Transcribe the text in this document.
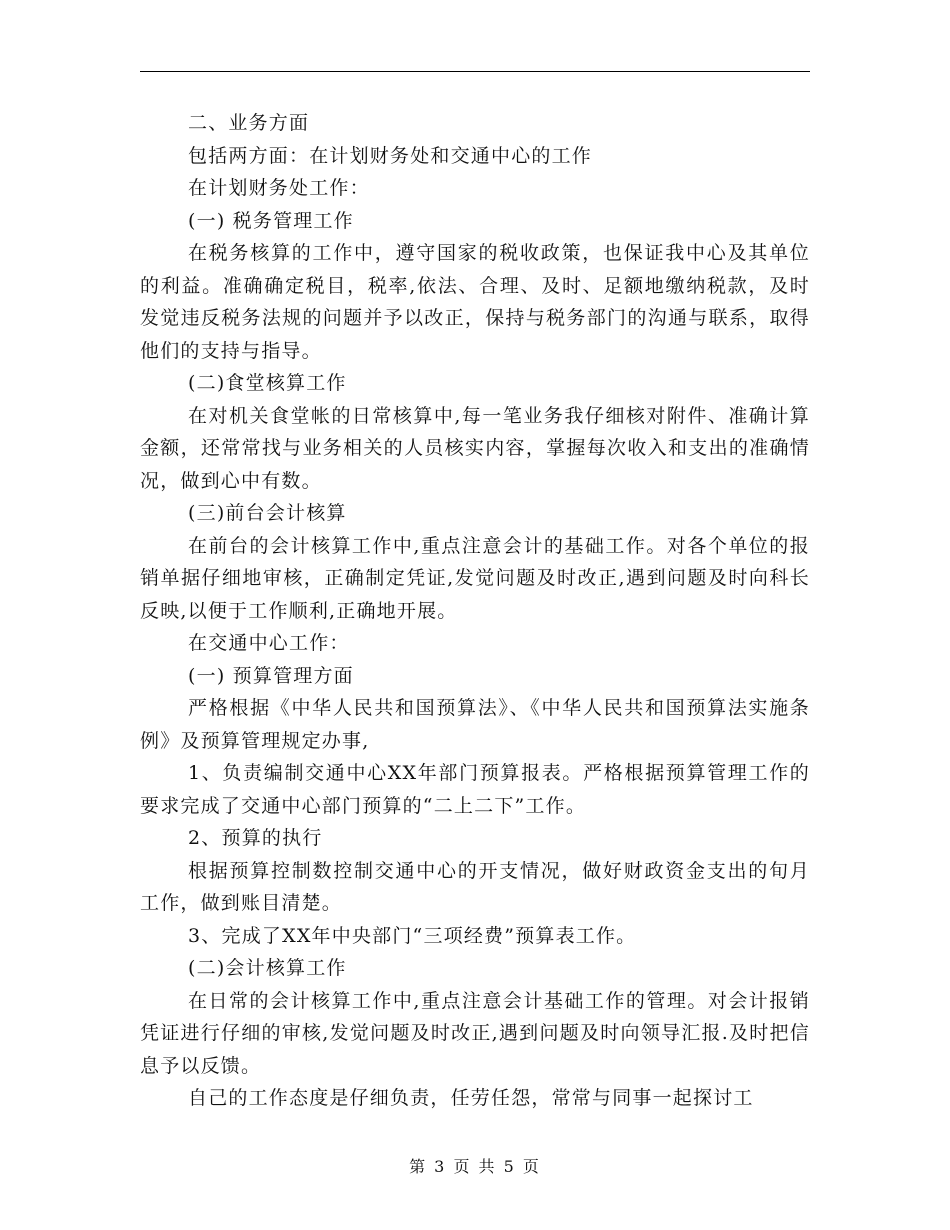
二、业务方面

包括两方面：在计划财务处和交通中心的工作

在计划财务处工作：

(一) 税务管理工作

在税务核算的工作中，遵守国家的税收政策，也保证我中心及其单位的利益。准确确定税目，税率,依法、合理、及时、足额地缴纳税款，及时发觉违反税务法规的问题并予以改正，保持与税务部门的沟通与联系，取得他们的支持与指导。

(二)食堂核算工作

在对机关食堂帐的日常核算中,每一笔业务我仔细核对附件、准确计算金额，还常常找与业务相关的人员核实内容，掌握每次收入和支出的准确情况，做到心中有数。

(三)前台会计核算

在前台的会计核算工作中,重点注意会计的基础工作。对各个单位的报销单据仔细地审核，正确制定凭证,发觉问题及时改正,遇到问题及时向科长反映,以便于工作顺利,正确地开展。

在交通中心工作：

(一) 预算管理方面

严格根据《中华人民共和国预算法》、《中华人民共和国预算法实施条例》及预算管理规定办事,

1、负责编制交通中心XX年部门预算报表。严格根据预算管理工作的要求完成了交通中心部门预算的“二上二下”工作。

2、预算的执行

根据预算控制数控制交通中心的开支情况，做好财政资金支出的旬月工作，做到账目清楚。

3、完成了XX年中央部门“三项经费”预算表工作。

(二)会计核算工作

在日常的会计核算工作中,重点注意会计基础工作的管理。对会计报销凭证进行仔细的审核,发觉问题及时改正,遇到问题及时向领导汇报.及时把信息予以反馈。

自己的工作态度是仔细负责，任劳任怨，常常与同事一起探讨工

第 3 页 共 5 页
